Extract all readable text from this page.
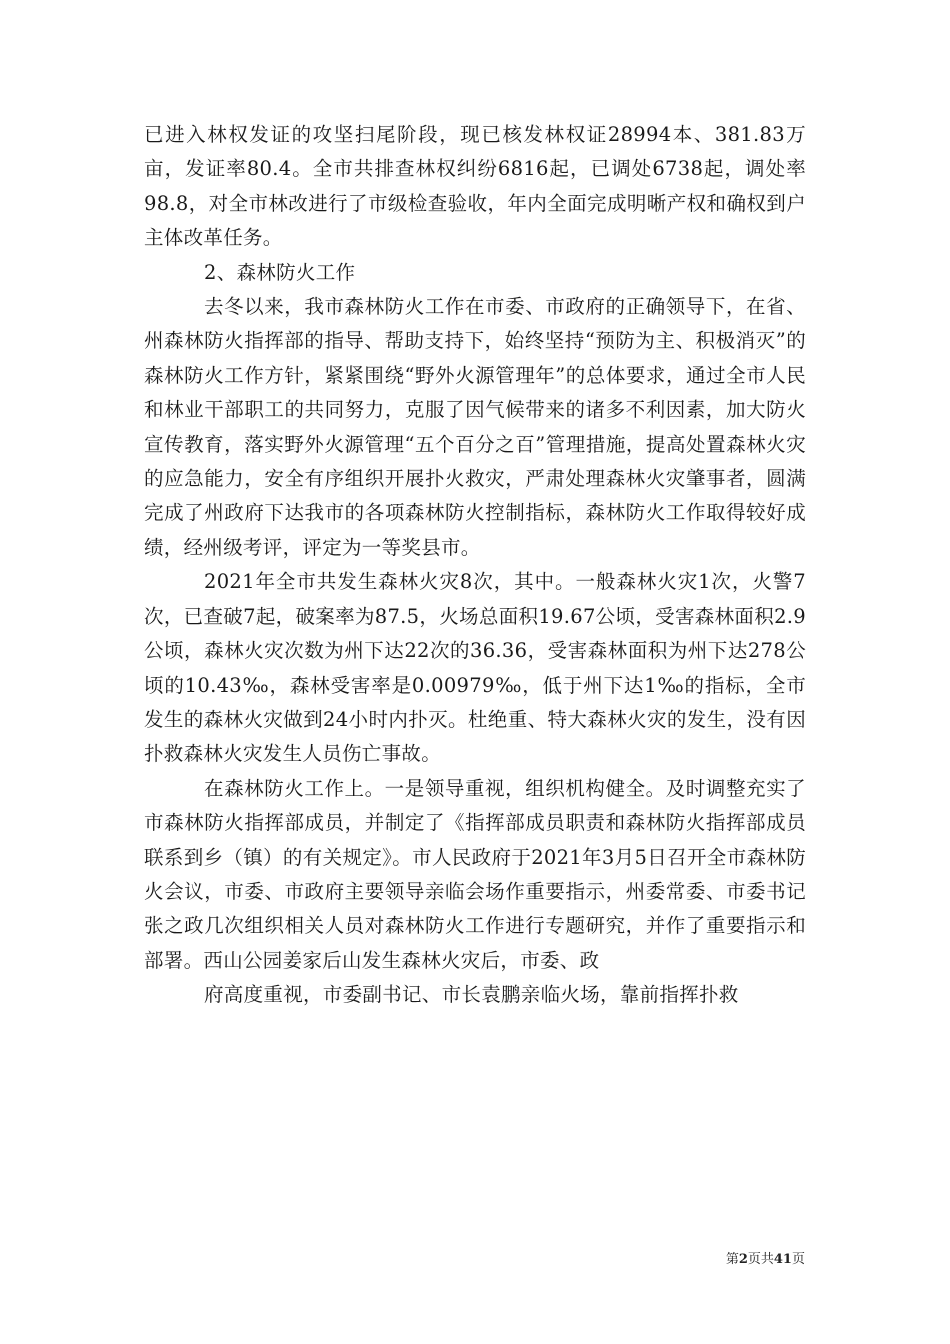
已进入林权发证的攻坚扫尾阶段，现已核发林权证28994本、381.83万亩，发证率80.4。全市共排查林权纠纷6816起，已调处6738起，调处率98.8，对全市林改进行了市级检查验收，年内全面完成明晰产权和确权到户主体改革任务。

2、森林防火工作

去冬以来，我市森林防火工作在市委、市政府的正确领导下，在省、州森林防火指挥部的指导、帮助支持下，始终坚持“预防为主、积极消灭”的森林防火工作方针，紧紧围绕“野外火源管理年”的总体要求，通过全市人民和林业干部职工的共同努力，克服了因气候带来的诸多不利因素，加大防火宣传教育，落实野外火源管理“五个百分之百”管理措施，提高处置森林火灾的应急能力，安全有序组织开展扑火救灾，严肃处理森林火灾肇事者，圆满完成了州政府下达我市的各项森林防火控制指标，森林防火工作取得较好成绩，经州级考评，评定为一等奖县市。

2021年全市共发生森林火灾8次，其中。一般森林火灾1次，火警7次，已查破7起，破案率为87.5，火场总面积19.67公顷，受害森林面积2.9公顷，森林火灾次数为州下达22次的36.36，受害森林面积为州下达278公顷的10.43‰，森林受害率是0.00979‰，低于州下达1‰的指标，全市发生的森林火灾做到24小时内扑灭。杜绝重、特大森林火灾的发生，没有因扑救森林火灾发生人员伤亡事故。

在森林防火工作上。一是领导重视，组织机构健全。及时调整充实了市森林防火指挥部成员，并制定了《指挥部成员职责和森林防火指挥部成员联系到乡（镇）的有关规定》。市人民政府于2021年3月5日召开全市森林防火会议，市委、市政府主要领导亲临会场作重要指示，州委常委、市委书记张之政几次组织相关人员对森林防火工作进行专题研究，并作了重要指示和部署。西山公园姜家后山发生森林火灾后，市委、政

府高度重视，市委副书记、市长袁鹏亲临火场，靠前指挥扑救

第2页共41页
